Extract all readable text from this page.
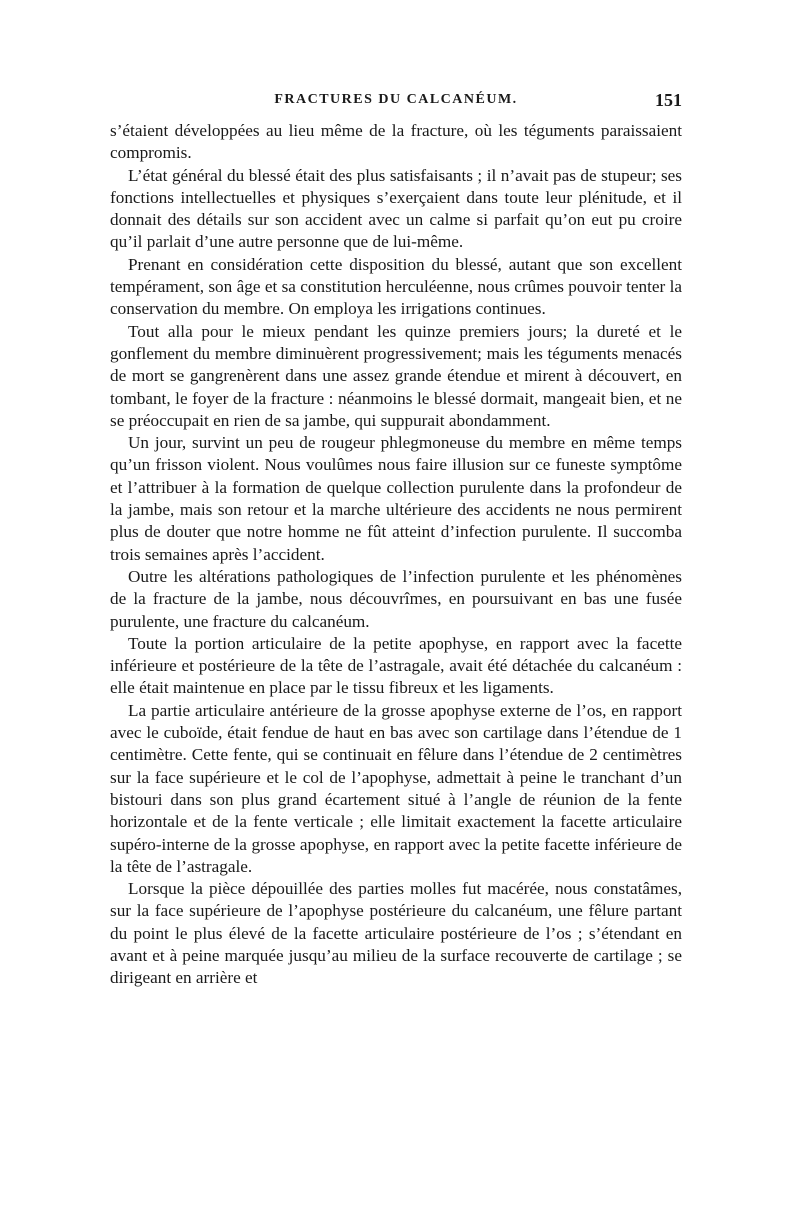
FRACTURES DU CALCANÉUM.	151

s’étaient développées au lieu même de la fracture, où les téguments paraissaient compromis.

L’état général du blessé était des plus satisfaisants ; il n’avait pas de stupeur; ses fonctions intellectuelles et physiques s’exerçaient dans toute leur plénitude, et il donnait des détails sur son accident avec un calme si parfait qu’on eut pu croire qu’il parlait d’une autre personne que de lui-même.

Prenant en considération cette disposition du blessé, autant que son excellent tempérament, son âge et sa constitution herculéenne, nous crûmes pouvoir tenter la conservation du membre. On employa les irrigations continues.

Tout alla pour le mieux pendant les quinze premiers jours; la dureté et le gonflement du membre diminuèrent progressivement; mais les téguments menacés de mort se gangrenèrent dans une assez grande étendue et mirent à découvert, en tombant, le foyer de la fracture : néanmoins le blessé dormait, mangeait bien, et ne se préoccupait en rien de sa jambe, qui suppurait abondamment.

Un jour, survint un peu de rougeur phlegmoneuse du membre en même temps qu’un frisson violent. Nous voulûmes nous faire illusion sur ce funeste symptôme et l’attribuer à la formation de quelque collection purulente dans la profondeur de la jambe, mais son retour et la marche ultérieure des accidents ne nous permirent plus de douter que notre homme ne fût atteint d’infection purulente. Il succomba trois semaines après l’accident.

Outre les altérations pathologiques de l’infection purulente et les phénomènes de la fracture de la jambe, nous découvrîmes, en poursuivant en bas une fusée purulente, une fracture du calcanéum.

Toute la portion articulaire de la petite apophyse, en rapport avec la facette inférieure et postérieure de la tête de l’astragale, avait été détachée du calcanéum : elle était maintenue en place par le tissu fibreux et les ligaments.

La partie articulaire antérieure de la grosse apophyse externe de l’os, en rapport avec le cuboïde, était fendue de haut en bas avec son cartilage dans l’étendue de 1 centimètre. Cette fente, qui se continuait en fêlure dans l’étendue de 2 centimètres sur la face supérieure et le col de l’apophyse, admettait à peine le tranchant d’un bistouri dans son plus grand écartement situé à l’angle de réunion de la fente horizontale et de la fente verticale ; elle limitait exactement la facette articulaire supéro-interne de la grosse apophyse, en rapport avec la petite facette inférieure de la tête de l’astragale.

Lorsque la pièce dépouillée des parties molles fut macérée, nous constatâmes, sur la face supérieure de l’apophyse postérieure du calcanéum, une fêlure partant du point le plus élevé de la facette articulaire postérieure de l’os ; s’étendant en avant et à peine marquée jusqu’au milieu de la surface recouverte de cartilage ; se dirigeant en arrière et
